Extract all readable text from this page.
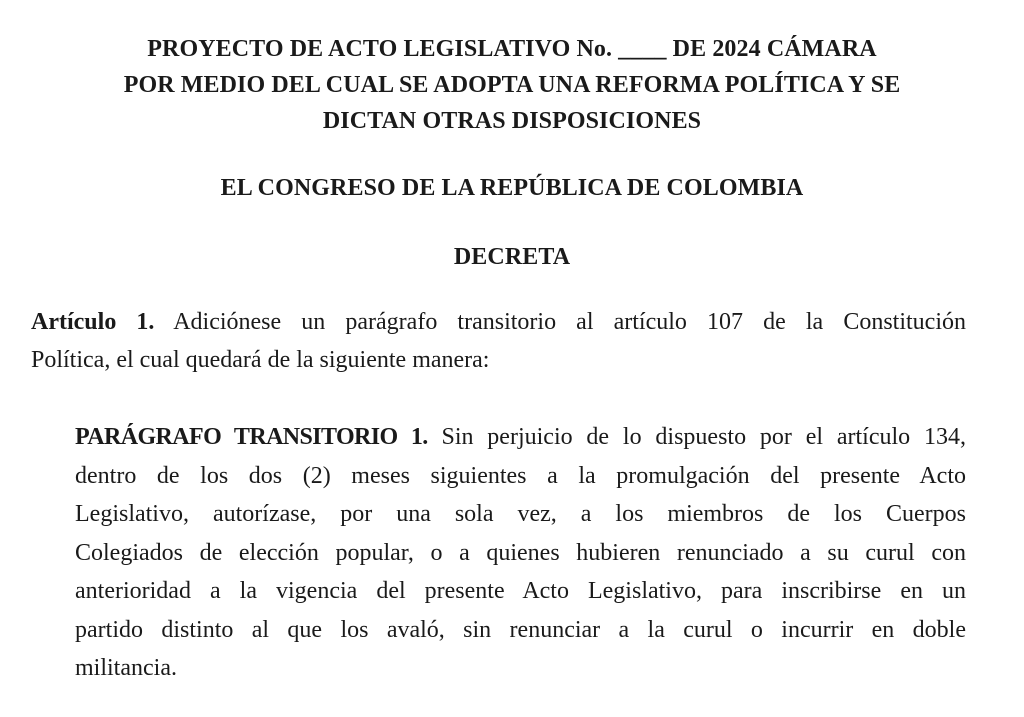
PROYECTO DE ACTO LEGISLATIVO No. ____ DE 2024 CÁMARA
POR MEDIO DEL CUAL SE ADOPTA UNA REFORMA POLÍTICA Y SE
DICTAN OTRAS DISPOSICIONES
EL CONGRESO DE LA REPÚBLICA DE COLOMBIA
DECRETA
Artículo 1. Adiciónese un parágrafo transitorio al artículo 107 de la Constitución
Política, el cual quedará de la siguiente manera:
PARÁGRAFO TRANSITORIO 1. Sin perjuicio de lo dispuesto por el artículo 134,
dentro de los dos (2) meses siguientes a la promulgación del presente Acto
Legislativo, autorízase, por una sola vez, a los miembros de los Cuerpos
Colegiados de elección popular, o a quienes hubieren renunciado a su curul con
anterioridad a la vigencia del presente Acto Legislativo, para inscribirse en un
partido distinto al que los avaló, sin renunciar a la curul o incurrir en doble
militancia.
